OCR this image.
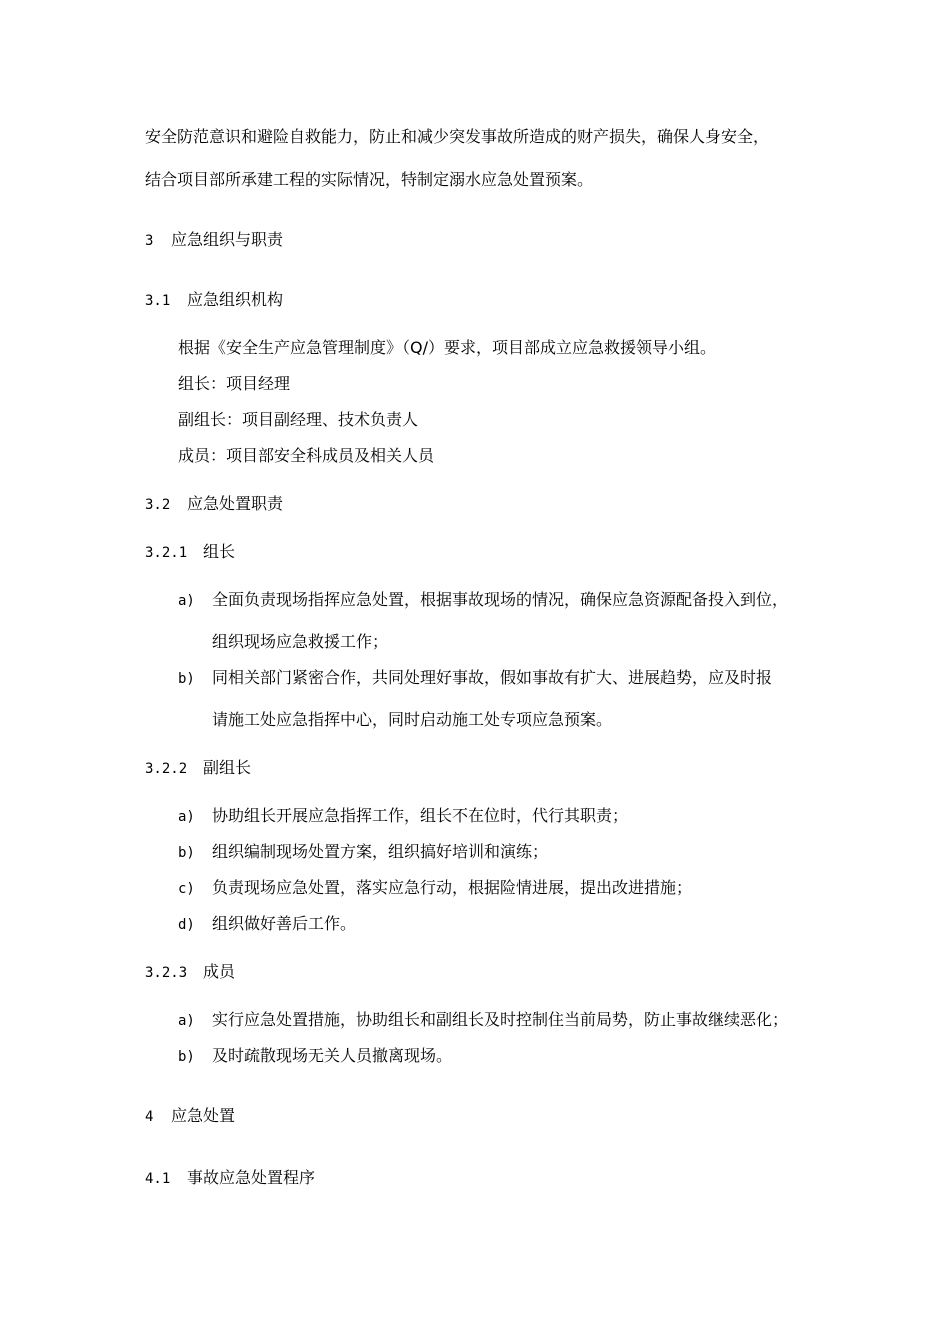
安全防范意识和避险自救能力，防止和减少突发事故所造成的财产损失，确保人身安全，
结合项目部所承建工程的实际情况，特制定溺水应急处置预案。
3 应急组织与职责
3.1 应急组织机构
根据《安全生产应急管理制度》（Q/）要求，项目部成立应急救援领导小组。
组长：项目经理
副组长：项目副经理、技术负责人
成员：项目部安全科成员及相关人员
3.2 应急处置职责
3.2.1 组长
a) 全面负责现场指挥应急处置，根据事故现场的情况，确保应急资源配备投入到位，
组织现场应急救援工作；
b) 同相关部门紧密合作，共同处理好事故，假如事故有扩大、进展趋势，应及时报
请施工处应急指挥中心，同时启动施工处专项应急预案。
3.2.2 副组长
a) 协助组长开展应急指挥工作，组长不在位时，代行其职责；
b) 组织编制现场处置方案，组织搞好培训和演练；
c) 负责现场应急处置，落实应急行动，根据险情进展，提出改进措施；
d) 组织做好善后工作。
3.2.3 成员
a) 实行应急处置措施，协助组长和副组长及时控制住当前局势，防止事故继续恶化；
b) 及时疏散现场无关人员撤离现场。
4 应急处置
4.1 事故应急处置程序
